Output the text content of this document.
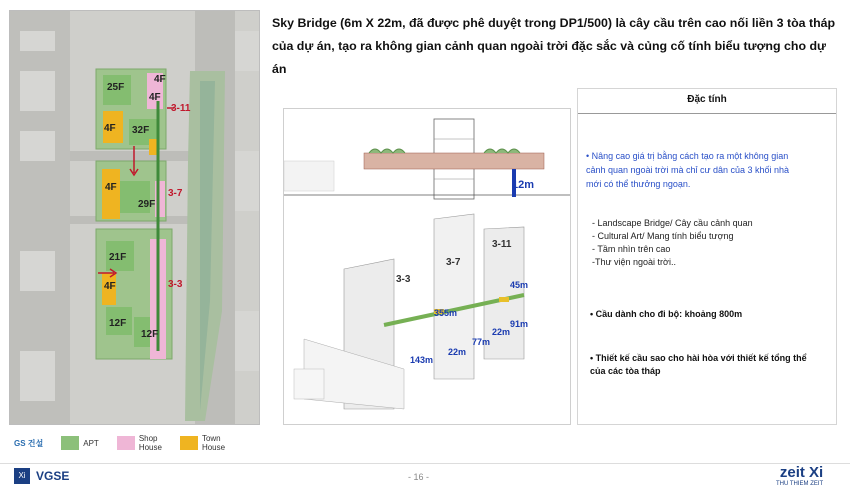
25F
4F
4F
4F 32F
4F
29F
21F
4F
12F
12F
3-11
3-7
3-3
GS 건설	APT	Shop
House
Town
House
Sky Bridge (6m X 22m, đã được phê duyệt trong DP1/500) là cây cầu trên cao nối liền 3 tòa tháp của dự án, tạo ra không gian cảnh quan ngoài trời đặc sắc và củng cố tính biểu tượng cho dự án
12m
3-3
3-7
3-11
355m
45m
91m
22m
77m
22m
143m
Đặc tính
• Nâng cao giá trị bằng cách tạo ra một không gian cảnh quan ngoài trời mà chỉ cư dân của 3 khối nhà mới có thể thưởng ngoạn.
- Landscape Bridge/ Cây cầu cảnh quan
- Cultural Art/ Mang tính biểu tượng
- Tầm nhìn trên cao
-Thư viện ngoài trời..
• Cầu dành cho đi bộ: khoảng 800m
• Thiết kế cầu sao cho hài hòa với thiết kế tổng thể của các tòa tháp
Xi VGSE	- 16 -	zeit Xi
THU THIEM ZEIT
